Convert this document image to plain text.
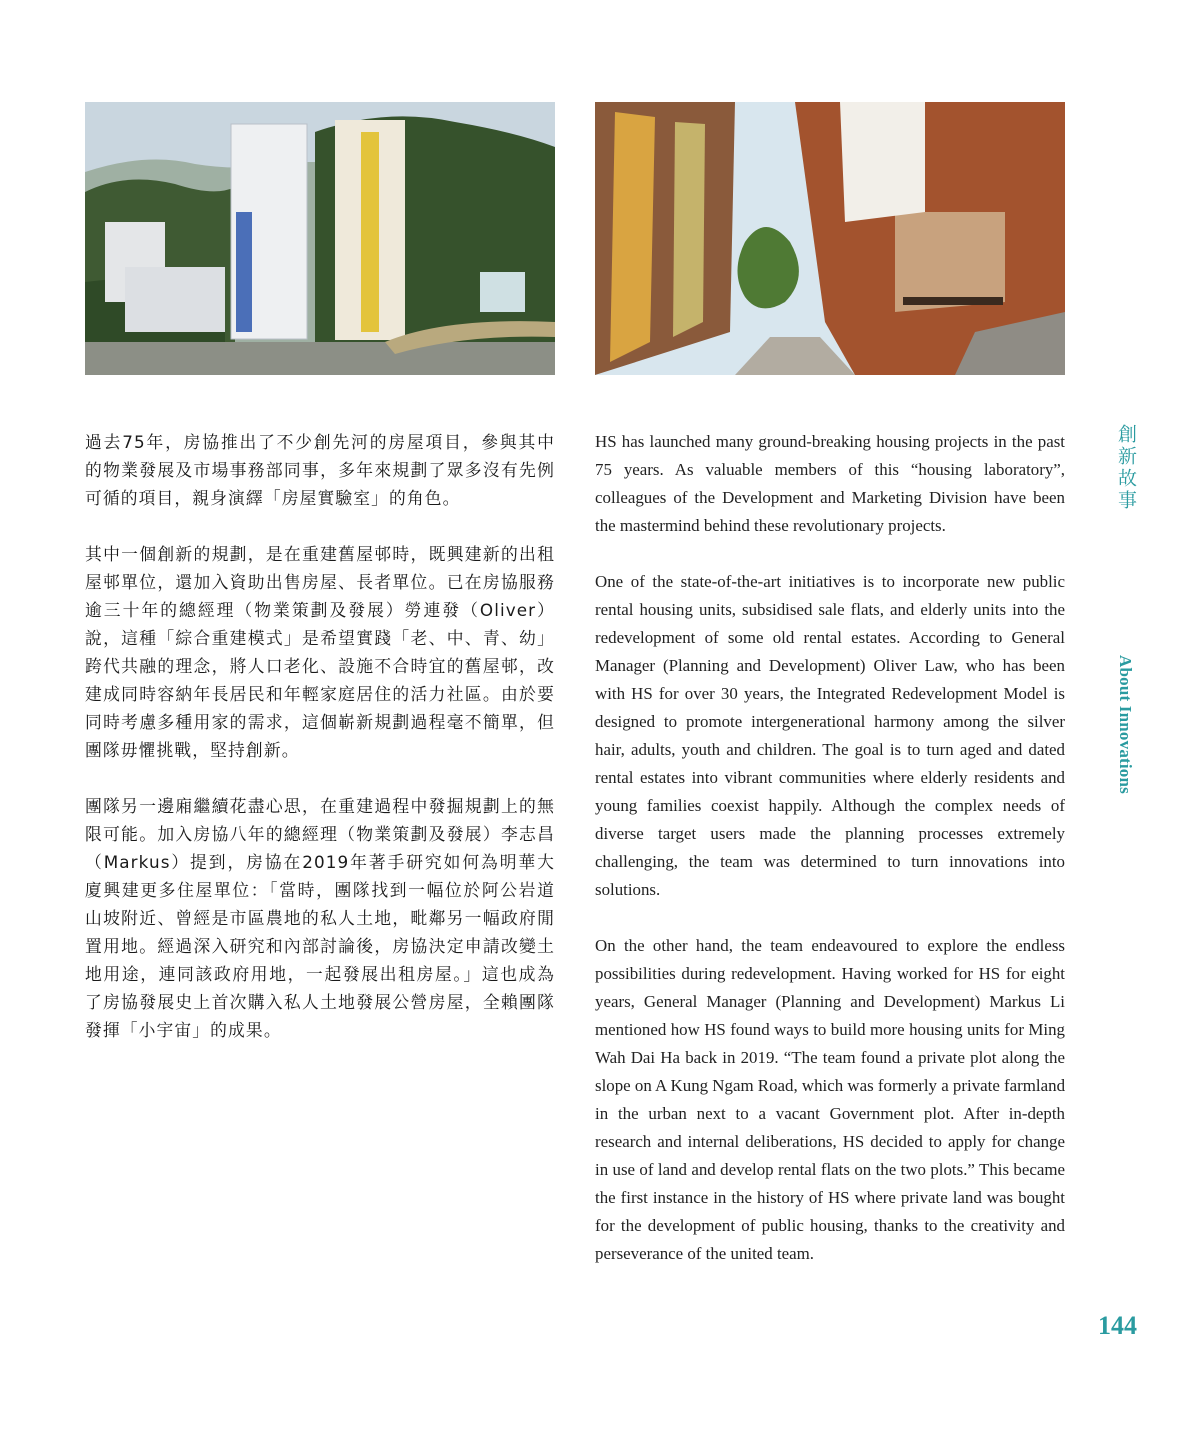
過去75年，房協推出了不少創先河的房屋項目，參與其中的物業發展及市場事務部同事，多年來規劃了眾多沒有先例可循的項目，親身演繹「房屋實驗室」的角色。

其中一個創新的規劃，是在重建舊屋邨時，既興建新的出租屋邨單位，還加入資助出售房屋、長者單位。已在房協服務逾三十年的總經理（物業策劃及發展）勞連發（Oliver）說，這種「綜合重建模式」是希望實踐「老、中、青、幼」跨代共融的理念，將人口老化、設施不合時宜的舊屋邨，改建成同時容納年長居民和年輕家庭居住的活力社區。由於要同時考慮多種用家的需求，這個嶄新規劃過程毫不簡單，但團隊毋懼挑戰，堅持創新。

團隊另一邊廂繼續花盡心思，在重建過程中發掘規劃上的無限可能。加入房協八年的總經理（物業策劃及發展）李志昌（Markus）提到，房協在2019年著手研究如何為明華大廈興建更多住屋單位：「當時，團隊找到一幅位於阿公岩道山坡附近、曾經是市區農地的私人土地，毗鄰另一幅政府閒置用地。經過深入研究和內部討論後，房協決定申請改變土地用途，連同該政府用地，一起發展出租房屋。」這也成為了房協發展史上首次購入私人土地發展公營房屋，全賴團隊發揮「小宇宙」的成果。

HS has launched many ground-breaking housing projects in the past 75 years. As valuable members of this “housing laboratory”, colleagues of the Development and Marketing Division have been the mastermind behind these revolutionary projects.

One of the state-of-the-art initiatives is to incorporate new public rental housing units, subsidised sale flats, and elderly units into the redevelopment of some old rental estates. According to General Manager (Planning and Development) Oliver Law, who has been with HS for over 30 years, the Integrated Redevelopment Model is designed to promote intergenerational harmony among the silver hair, adults, youth and children. The goal is to turn aged and dated rental estates into vibrant communities where elderly residents and young families coexist happily. Although the complex needs of diverse target users made the planning processes extremely challenging, the team was determined to turn innovations into solutions.

On the other hand, the team endeavoured to explore the endless possibilities during redevelopment. Having worked for HS for eight years, General Manager (Planning and Development) Markus Li mentioned how HS found ways to build more housing units for Ming Wah Dai Ha back in 2019. “The team found a private plot along the slope on A Kung Ngam Road, which was formerly a private farmland in the urban next to a vacant Government plot. After in-depth research and internal deliberations, HS decided to apply for change in use of land and develop rental flats on the two plots.” This became the first instance in the history of HS where private land was bought for the development of public housing, thanks to the creativity and perseverance of the united team.

創新故事
About Innovations
144
